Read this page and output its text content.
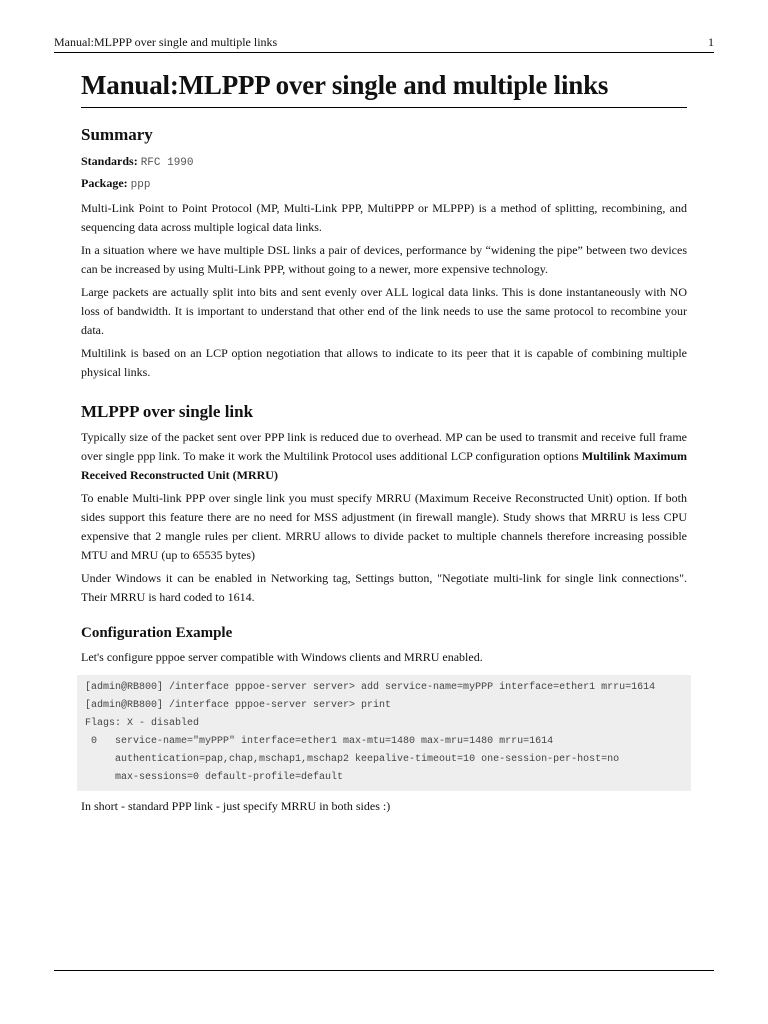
Manual:MLPPP over single and multiple links	1
Manual:MLPPP over single and multiple links
Summary
Standards: RFC 1990
Package: ppp

Multi-Link Point to Point Protocol (MP, Multi-Link PPP, MultiPPP or MLPPP) is a method of splitting, recombining, and sequencing data across multiple logical data links.

In a situation where we have multiple DSL links a pair of devices, performance by “widening the pipe” between two devices can be increased by using Multi-Link PPP, without going to a newer, more expensive technology.

Large packets are actually split into bits and sent evenly over ALL logical data links. This is done instantaneously with NO loss of bandwidth. It is important to understand that other end of the link needs to use the same protocol to recombine your data.

Multilink is based on an LCP option negotiation that allows to indicate to its peer that it is capable of combining multiple physical links.

MLPPP over single link

Typically size of the packet sent over PPP link is reduced due to overhead. MP can be used to transmit and receive full frame over single ppp link. To make it work the Multilink Protocol uses additional LCP configuration options Multilink Maximum Received Reconstructed Unit (MRRU)

To enable Multi-link PPP over single link you must specify MRRU (Maximum Receive Reconstructed Unit) option. If both sides support this feature there are no need for MSS adjustment (in firewall mangle). Study shows that MRRU is less CPU expensive that 2 mangle rules per client. MRRU allows to divide packet to multiple channels therefore increasing possible MTU and MRU (up to 65535 bytes)

Under Windows it can be enabled in Networking tag, Settings button, "Negotiate multi-link for single link connections". Their MRRU is hard coded to 1614.

Configuration Example

Let's configure pppoe server compatible with Windows clients and MRRU enabled.

[admin@RB800] /interface pppoe-server server> add service-name=myPPP interface=ether1 mrru=1614
[admin@RB800] /interface pppoe-server server> print
Flags: X - disabled
0   service-name="myPPP" interface=ether1 max-mtu=1480 max-mru=1480 mrru=1614
authentication=pap,chap,mschap1,mschap2 keepalive-timeout=10 one-session-per-host=no
max-sessions=0 default-profile=default

In short - standard PPP link - just specify MRRU in both sides :)
